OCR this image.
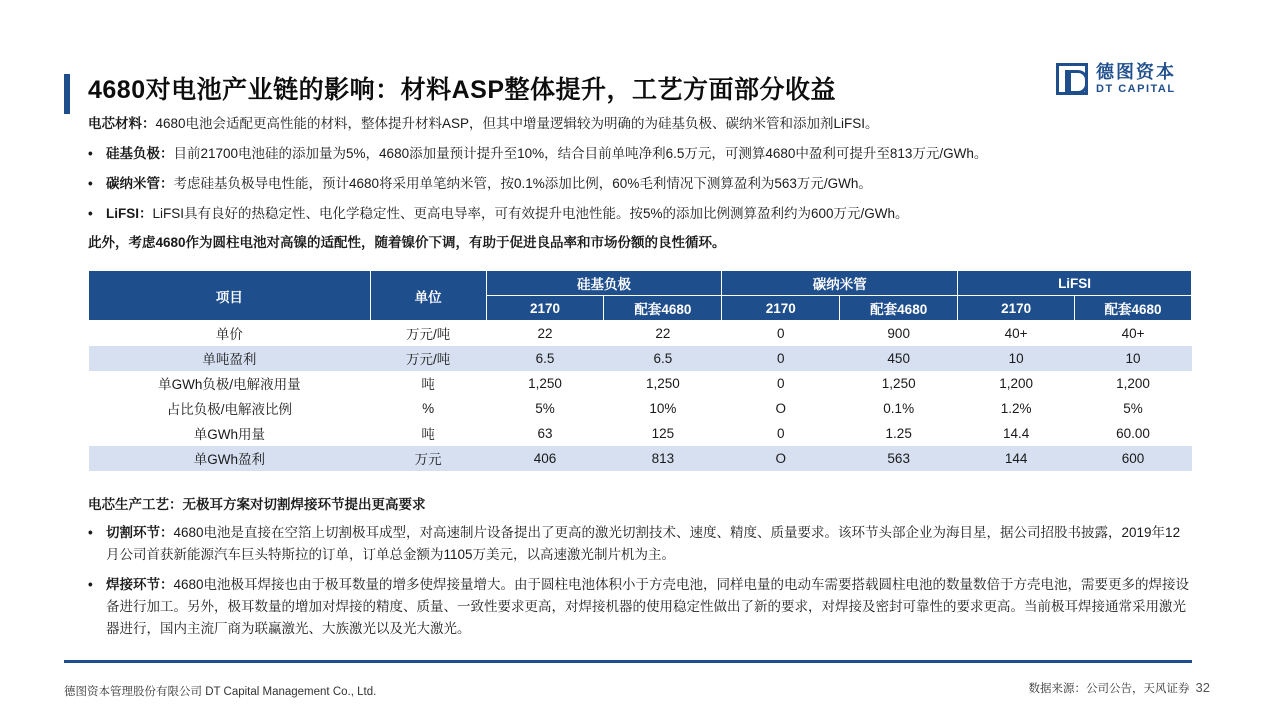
4680对电池产业链的影响：材料ASP整体提升，工艺方面部分收益
德图资本
DT CAPITAL
电芯材料：4680电池会适配更高性能的材料，整体提升材料ASP，但其中增量逻辑较为明确的为硅基负极、碳纳米管和添加剂LiFSI。
• 硅基负极：目前21700电池硅的添加量为5%，4680添加量预计提升至10%，结合目前单吨净利6.5万元，可测算4680中盈利可提升至813万元/GWh。
• 碳纳米管：考虑硅基负极导电性能，预计4680将采用单笔纳米管，按0.1%添加比例，60%毛利情况下测算盈利为563万元/GWh。
• LiFSI：LiFSI具有良好的热稳定性、电化学稳定性、更高电导率，可有效提升电池性能。按5%的添加比例测算盈利约为600万元/GWh。
此外，考虑4680作为圆柱电池对高镍的适配性，随着镍价下调，有助于促进良品率和市场份额的良性循环。
项目	单位	硅基负极		碳纳米管		LiFSI	
		2170	配套4680	2170	配套4680	2170	配套4680
单价	万元/吨	22	22	0	900	40+	40+
单吨盈利	万元/吨	6.5	6.5	0	450	10	10
单GWh负极/电解液用量	吨	1,250	1,250	0	1,250	1,200	1,200
占比负极/电解液比例	%	5%	10%	O	0.1%	1.2%	5%
单GWh用量	吨	63	125	0	1.25	14.4	60.00
单GWh盈利	万元	406	813	O	563	144	600
电芯生产工艺：无极耳方案对切割焊接环节提出更高要求
• 切割环节：4680电池是直接在空箔上切割极耳成型，对高速制片设备提出了更高的激光切割技术、速度、精度、质量要求。该环节头部企业为海目星，据公司招股书披露，2019年12月公司首获新能源汽车巨头特斯拉的订单，订单总金额为1105万美元，以高速激光制片机为主。
• 焊接环节：4680电池极耳焊接也由于极耳数量的增多使焊接量增大。由于圆柱电池体积小于方壳电池，同样电量的电动车需要搭载圆柱电池的数量数倍于方壳电池，需要更多的焊接设备进行加工。另外，极耳数量的增加对焊接的精度、质量、一致性要求更高，对焊接机器的使用稳定性做出了新的要求，对焊接及密封可靠性的要求更高。当前极耳焊接通常采用激光器进行，国内主流厂商为联赢激光、大族激光以及光大激光。
德图资本管理股份有限公司 DT Capital Management Co., Ltd.	数据来源：公司公告，天风证券 32
